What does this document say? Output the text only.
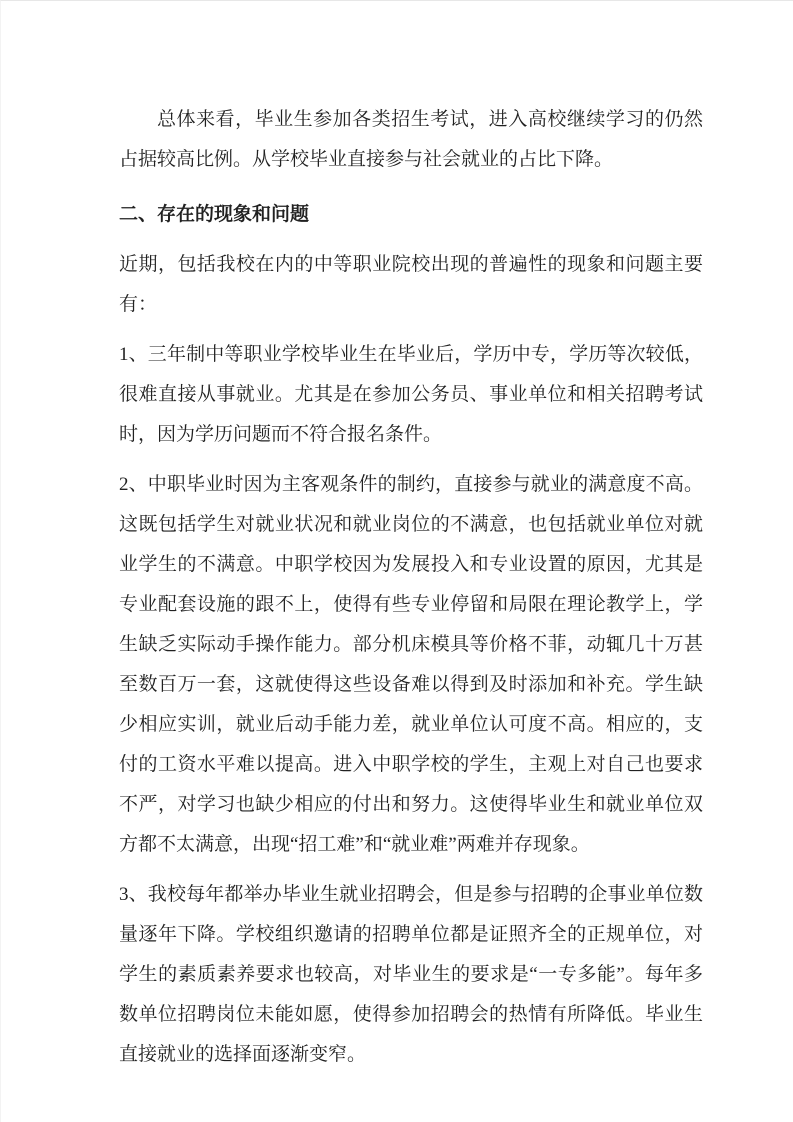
总体来看，毕业生参加各类招生考试，进入高校继续学习的仍然占据较高比例。从学校毕业直接参与社会就业的占比下降。

二、存在的现象和问题

近期，包括我校在内的中等职业院校出现的普遍性的现象和问题主要有：

1、三年制中等职业学校毕业生在毕业后，学历中专，学历等次较低，很难直接从事就业。尤其是在参加公务员、事业单位和相关招聘考试时，因为学历问题而不符合报名条件。

2、中职毕业时因为主客观条件的制约，直接参与就业的满意度不高。这既包括学生对就业状况和就业岗位的不满意，也包括就业单位对就业学生的不满意。中职学校因为发展投入和专业设置的原因，尤其是专业配套设施的跟不上，使得有些专业停留和局限在理论教学上，学生缺乏实际动手操作能力。部分机床模具等价格不菲，动辄几十万甚至数百万一套，这就使得这些设备难以得到及时添加和补充。学生缺少相应实训，就业后动手能力差，就业单位认可度不高。相应的，支付的工资水平难以提高。进入中职学校的学生，主观上对自己也要求不严，对学习也缺少相应的付出和努力。这使得毕业生和就业单位双方都不太满意，出现“招工难”和“就业难”两难并存现象。

3、我校每年都举办毕业生就业招聘会，但是参与招聘的企事业单位数量逐年下降。学校组织邀请的招聘单位都是证照齐全的正规单位，对学生的素质素养要求也较高，对毕业生的要求是“一专多能”。每年多数单位招聘岗位未能如愿，使得参加招聘会的热情有所降低。毕业生直接就业的选择面逐渐变窄。
